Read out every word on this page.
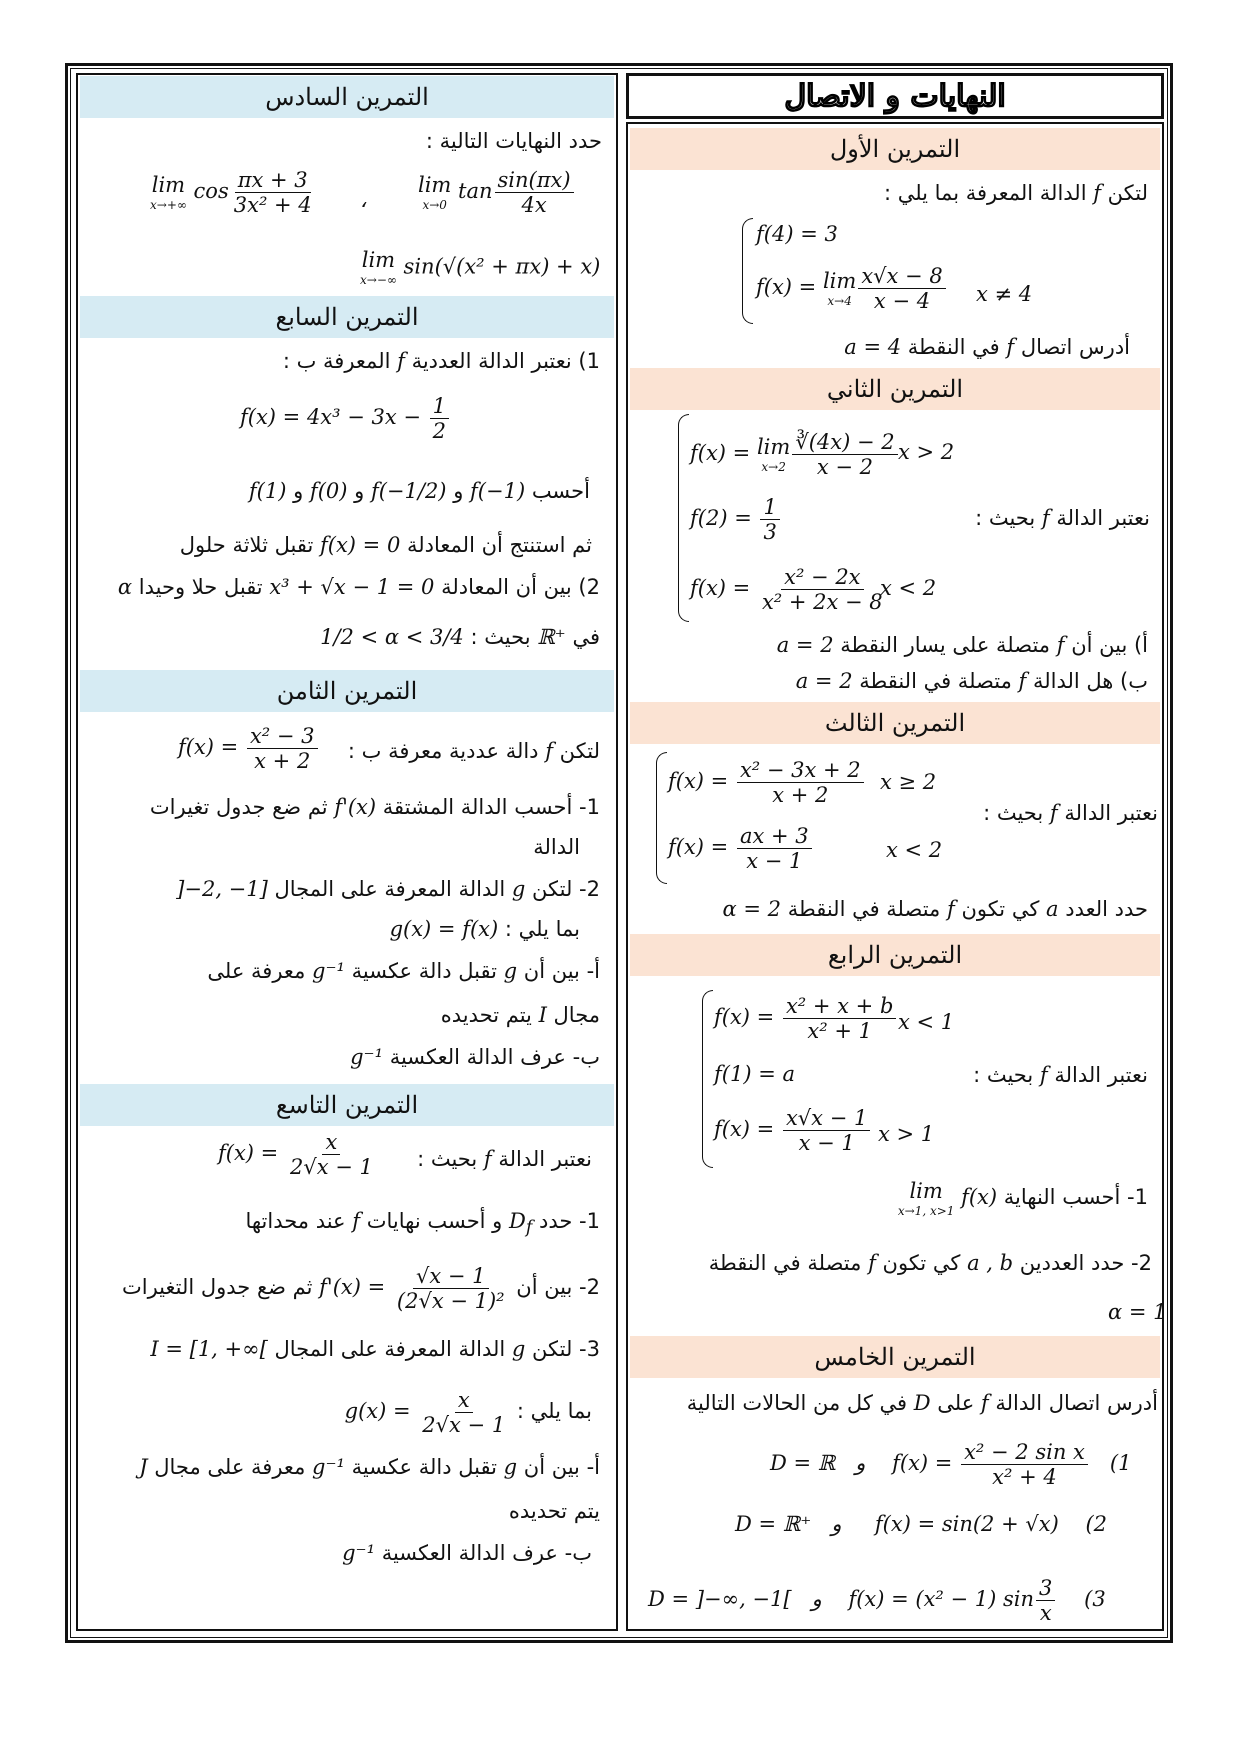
النهايات و الاتصال
التمرين الأول
لتكن f الدالة المعرفة بما يلي :
f(4) = 3
f(x) = lim
$x\to 4 \frac{x√x - 8}{x - 4}$ x ≠ 4
أدرس اتصال f في النقطة a = 4
التمرين الثاني
f(x) = lim
$x\to 2 \frac{∛(4x) - 2}{x - 2}$ x > 2
نعتبر الدالة f بحيث :
$f(2) = \frac{1}{3}$
$f(x) = \frac{\text{x² − 2x}}{\text{x² + 2x − 8}}$
x < 2
أ) بين أن f متصلة على يسار النقطة a = 2
ب) هل الدالة f متصلة في النقطة a = 2
التمرين الثالث
$f(x) = \frac{\text{x² − 3x + 2}}{x + 2}$ x ≥ 2
نعتبر الدالة f بحيث :
$f(x) = \frac{ax + 3}{x - 1}$	x < 2
حدد العدد a كي تكون f متصلة في النقطة α = 2
التمرين الرابع
$f(x) = \frac{\text{x² + x + b}}{\text{x² + 1}}$ x < 1
نعتبر الدالة f بحيث :
f(1) = a
$f(x) = \frac{x√x - 1}{x - 1}$ x > 1
1- أحسب النهاية lim
x→1, x>1
f(x)
2- حدد العددين a , b كي تكون f متصلة في النقطة
α = 1
التمرين الخامس
أدرس اتصال الدالة f على D في كل من الحالات التالية
D = ℝ   و    $f(x) = \frac{\text{x² − 2 sin x}}{\text{x² + 4}} (1$
D = ℝ⁺   و     f(x) = sin(2 + √x)    (2
D = ]−∞, −1[   و    f(x) = (x² − 1) $\sin \frac{3}{x} (3$
التمرين السادس
حدد النهايات التالية :
lim
x→+∞
$\cos \frac{\pi x + 3}{\text{3x² + 4}}$ ،
lim
x→0
$\tan \frac{\sin(\pi x)}{4x}$
lim
x→−∞
sin(√(x² + πx) + x)
التمرين السابع
1) نعتبر الدالة العددية f المعرفة ب :
$f(x) = 4x^3 - 3x - \frac{1}{2}$
أحسب f(−1) و f(−1/2) و f(0) و f(1)
ثم استنتج أن المعادلة f(x) = 0 تقبل ثلاثة حلول
2) بين أن المعادلة x³ + √x − 1 = 0 تقبل حلا وحيدا α
في ℝ⁺ بحيث : 1/2 < α < 3/4
التمرين الثامن
لتكن f دالة عددية معرفة ب :
$f(x) = \frac{\text{x² − 3}}{x + 2}$
1- أحسب الدالة المشتقة f'(x) ثم ضع جدول تغيرات
الدالة
2- لتكن g الدالة المعرفة على المجال ]−2, −1]
بما يلي : g(x) = f(x)
أ- بين أن g تقبل دالة عكسية g⁻¹ معرفة على
مجال I يتم تحديده
ب- عرف الدالة العكسية g⁻¹
التمرين التاسع
نعتبر الدالة f بحيث :
$f(x) = \frac{x}{2√x - 1}$
1- حدد $D_f$ و أحسب نهايات f عند محداتها
2- بين أن $f'(x) = \frac{√x - 1}{\text{(2√x − 1)²}}$
ثم ضع جدول التغيرات
3- لتكن g الدالة المعرفة على المجال I = [1, +∞[
بما يلي : $g(x) = \frac{x}{2√x - 1}$
أ- بين أن g تقبل دالة عكسية g⁻¹ معرفة على مجال J
يتم تحديده
ب- عرف الدالة العكسية g⁻¹
